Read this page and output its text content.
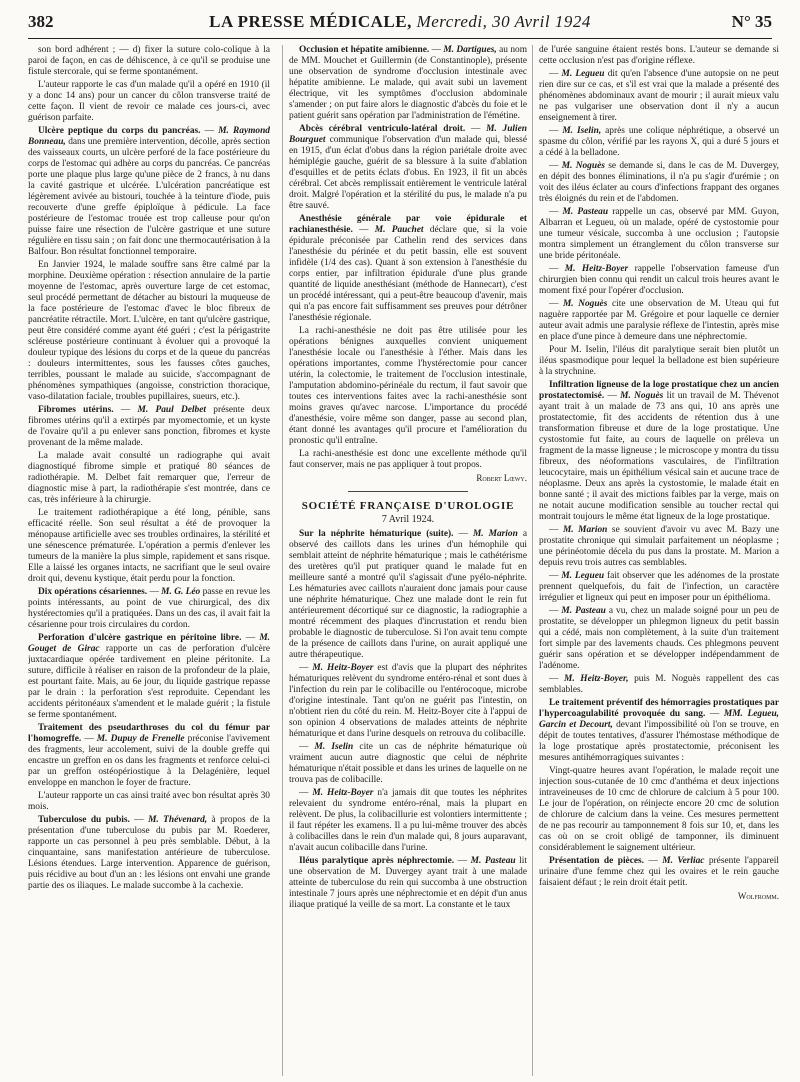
382	LA PRESSE MÉDICALE, Mercredi, 30 Avril 1924	N° 35

son bord adhérent ; — d) fixer la suture colo-colique à la paroi de façon, en cas de déhiscence, à ce qu'il se produise une fistule stercorale, qui se ferme spontanément.

L'auteur rapporte le cas d'un malade qu'il a opéré en 1910 (il y a donc 14 ans) pour un cancer du côlon transverse traité de cette façon. Il vient de revoir ce malade ces jours-ci, avec guérison parfaite.

Ulcère peptique du corps du pancréas. — M. Raymond Bonneau, dans une première intervention, décolle, après section des vaisseaux courts, un ulcère perforé de la face postérieure du corps de l'estomac qui adhère au corps du pancréas. Ce pancréas porte une plaque plus large qu'une pièce de 2 francs, à nu dans la cavité gastrique et ulcérée. L'ulcération pancréatique est légèrement avivée au bistouri, touchée à la teinture d'iode, puis recouverte d'une greffe épiploïque à pédicule. La face postérieure de l'estomac trouée est trop calleuse pour qu'on puisse faire une résection de l'ulcère gastrique et une suture régulière en tissu sain ; on fait donc une thermocautérisation à la Balfour. Bon résultat fonctionnel temporaire.

En Janvier 1924, le malade souffre sans être calmé par la morphine. Deuxième opération : résection annulaire de la partie moyenne de l'estomac, après ouverture large de cet estomac, seul procédé permettant de détacher au bistouri la muqueuse de la face postérieure de l'estomac d'avec le bloc fibreux de pancréatite rétractile. Mort. L'ulcère, en tant qu'ulcère gastrique, peut être considéré comme ayant été guéri ; c'est la périgastrite scléreuse postérieure continuant à évoluer qui a provoqué la douleur typique des lésions du corps et de la queue du pancréas : douleurs intermittentes, sous les fausses côtes gauches, terribles, poussant le malade au suicide, s'accompagnant de phénomènes sympathiques (angoisse, constriction thoracique, vaso-dilatation faciale, troubles pupillaires, sueurs, etc.).

Fibromes utérins. — M. Paul Delbet présente deux fibromes utérins qu'il a extirpés par myomectomie, et un kyste de l'ovaire qu'il a pu enlever sans ponction, fibromes et kyste provenant de la même malade.

La malade avait consulté un radiographe qui avait diagnostiqué fibrome simple et pratiqué 80 séances de radiothérapie. M. Delbet fait remarquer que, l'erreur de diagnostic mise à part, la radiothérapie s'est montrée, dans ce cas, très inférieure à la chirurgie.

Le traitement radiothérapique a été long, pénible, sans efficacité réelle. Son seul résultat a été de provoquer la ménopause artificielle avec ses troubles ordinaires, la stérilité et une sénescence prématurée. L'opération a permis d'enlever les tumeurs de la manière la plus simple, rapidement et sans risque. Elle a laissé les organes intacts, ne sacrifiant que le seul ovaire droit qui, devenu kystique, était perdu pour la fonction.

Dix opérations césariennes. — M. G. Léo passe en revue les points intéressants, au point de vue chirurgical, des dix hystérectomies qu'il a pratiquées. Dans un des cas, il avait fait la césarienne pour trois circulaires du cordon.

Perforation d'ulcère gastrique en péritoine libre. — M. Gouget de Girac rapporte un cas de perforation d'ulcère juxtacardiaque opérée tardivement en pleine péritonite. La suture, difficile à réaliser en raison de la profondeur de la plaie, est pourtant faite. Mais, au 6e jour, du liquide gastrique repasse par le drain : la perforation s'est reproduite. Cependant les accidents péritonéaux s'amendent et le malade guérit ; la fistule se ferme spontanément.

Traitement des pseudarthroses du col du fémur par l'homogreffe. — M. Dupuy de Frenelle préconise l'avivement des fragments, leur accolement, suivi de la double greffe qui encastre un greffon en os dans les fragments et renforce celui-ci par un greffon ostéopériostique à la Delagénière, lequel enveloppe en manchon le foyer de fracture.

L'auteur rapporte un cas ainsi traité avec bon résultat après 30 mois.

Tuberculose du pubis. — M. Thévenard, à propos de la présentation d'une tuberculose du pubis par M. Roederer, rapporte un cas personnel à peu près semblable. Début, à la cinquantaine, sans manifestation antérieure de tuberculose. Lésions étendues. Large intervention. Apparence de guérison, puis récidive au bout d'un an : les lésions ont envahi une grande partie des os iliaques. Le malade succombe à la cachexie.

Occlusion et hépatite amibienne. — M. Dartigues, au nom de MM. Mouchet et Guillermin (de Constantinople), présente une observation de syndrome d'occlusion intestinale avec hépatite amibienne. Le malade, qui avait subi un lavement électrique, vit les symptômes d'occlusion abdominale s'amender ; on put faire alors le diagnostic d'abcès du foie et le patient guérit sans opération par l'administration de l'émétine.

Abcès cérébral ventriculo-latéral droit. — M. Julien Bourguet communique l'observation d'un malade qui, blessé en 1915, d'un éclat d'obus dans la région pariétale droite avec hémiplégie gauche, guérit de sa blessure à la suite d'ablation d'esquilles et de petits éclats d'obus. En 1923, il fit un abcès cérébral. Cet abcès remplissait entièrement le ventricule latéral droit. Malgré l'opération et la stérilité du pus, le malade n'a pu être sauvé.

Anesthésie générale par voie épidurale et rachianesthésie. — M. Pauchet déclare que, si la voie épidurale préconisée par Cathelin rend des services dans l'anesthésie du périnée et du petit bassin, elle est souvent infidèle (1/4 des cas). Quant à son extension à l'anesthésie du corps entier, par infiltration épidurale d'une plus grande quantité de liquide anesthésiant (méthode de Hannecart), c'est un procédé intéressant, qui a peut-être beaucoup d'avenir, mais qui n'a pas encore fait suffisamment ses preuves pour détrôner l'anesthésie régionale.

La rachi-anesthésie ne doit pas être utilisée pour les opérations bénignes auxquelles convient uniquement l'anesthésie locale ou l'anesthésie à l'éther. Mais dans les opérations importantes, comme l'hystérectomie pour cancer utérin, la colectomie, le traitement de l'occlusion intestinale, l'amputation abdomino-périnéale du rectum, il faut savoir que toutes ces interventions faites avec la rachi-anesthésie sont moins graves qu'avec narcose. L'importance du procédé d'anesthésie, voire même son danger, passe au second plan, étant donné les avantages qu'il procure et l'amélioration du pronostic qu'il entraîne.

La rachi-anesthésie est donc une excellente méthode qu'il faut conserver, mais ne pas appliquer à tout propos.

Robert Lœwy.
SOCIÉTÉ FRANÇAISE D'UROLOGIE
7 Avril 1924.

Sur la néphrite hématurique (suite). — M. Marion a observé des caillots dans les urines d'un hémophile qui semblait atteint de néphrite hématurique ; mais le cathétérisme des uretères qu'il put pratiquer quand le malade fut en meilleure santé a montré qu'il s'agissait d'une pyélo-néphrite. Les hématuries avec caillots n'auraient donc jamais pour cause une néphrite hématurique. Chez une malade dont le rein fut antérieurement décortiqué sur ce diagnostic, la radiographie a montré récemment des plaques d'incrustation et rendu bien probable le diagnostic de tuberculose. Si l'on avait tenu compte de la présence de caillots dans l'urine, on aurait appliqué une autre thérapeutique.

— M. Heitz-Boyer est d'avis que la plupart des néphrites hématuriques relèvent du syndrome entéro-rénal et sont dues à l'infection du rein par le colibacille ou l'entérocoque, microbe d'origine intestinale. Tant qu'on ne guérit pas l'intestin, on n'obtient rien du côté du rein. M. Heitz-Boyer cite à l'appui de son opinion 4 observations de malades atteints de néphrite hématurique et dans l'urine desquels on retrouva du colibacille.

— M. Iselin cite un cas de néphrite hématurique où vraiment aucun autre diagnostic que celui de néphrite hématurique n'était possible et dans les urines de laquelle on ne trouva pas de colibacille.

— M. Heitz-Boyer n'a jamais dit que toutes les néphrites relevaient du syndrome entéro-rénal, mais la plupart en relèvent. De plus, la colibacillurie est volontiers intermittente ; il faut répéter les examens. Il a pu lui-même trouver des abcès à colibacilles dans le rein d'un malade qui, 8 jours auparavant, n'avait aucun colibacille dans l'urine.

Iléus paralytique après néphrectomie. — M. Pasteau lit une observation de M. Duvergey ayant trait à une malade atteinte de tuberculose du rein qui succomba à une obstruction intestinale 7 jours après une néphrectomie et en dépit d'un anus iliaque pratiqué la veille de sa mort. La constante et le taux

de l'urée sanguine étaient restés bons. L'auteur se demande si cette occlusion n'est pas d'origine réflexe.

— M. Legueu dit qu'en l'absence d'une autopsie on ne peut rien dire sur ce cas, et s'il est vrai que la malade a présenté des phénomènes abdominaux avant de mourir ; il aurait mieux valu ne pas vulgariser une observation dont il n'y a aucun enseignement à tirer.

— M. Iselin, après une colique néphrétique, a observé un spasme du côlon, vérifié par les rayons X, qui a duré 5 jours et a cédé à la belladone.

— M. Noguès se demande si, dans le cas de M. Duvergey, en dépit des bonnes éliminations, il n'a pu s'agir d'urémie ; on voit des iléus éclater au cours d'infections frappant des organes très éloignés du rein et de l'abdomen.

— M. Pasteau rappelle un cas, observé par MM. Guyon, Albarran et Legueu, où un malade, opéré de cystostomie pour une tumeur vésicale, succomba à une occlusion ; l'autopsie montra simplement un étranglement du côlon transverse sur une bride péritonéale.

— M. Heitz-Boyer rappelle l'observation fameuse d'un chirurgien bien connu qui rendit un calcul trois heures avant le moment fixé pour l'opérer d'occlusion.

— M. Noguès cite une observation de M. Uteau qui fut naguère rapportée par M. Grégoire et pour laquelle ce dernier auteur avait admis une paralysie réflexe de l'intestin, après mise en place d'une pince à demeure dans une néphrectomie.

Pour M. Iselin, l'iléus dit paralytique serait bien plutôt un iléus spasmodique pour lequel la belladone est bien supérieure à la strychnine.

Infiltration ligneuse de la loge prostatique chez un ancien prostatectomisé. — M. Noguès lit un travail de M. Thévenot ayant trait à un malade de 73 ans qui, 10 ans après une prostatectomie, fit des accidents de rétention dus à une transformation fibreuse et dure de la loge prostatique. Une cystostomie fut faite, au cours de laquelle on préleva un fragment de la masse ligneuse ; le microscope y montra du tissu fibreux, des néoformations vasculaires, de l'infiltration leucocytaire, mais un épithélium vésical sain et aucune trace de néoplasme. Deux ans après la cystostomie, le malade était en bonne santé ; il avait des mictions faibles par la verge, mais on ne notait aucune modification sensible au toucher rectal qui montrait toujours le même état ligneux de la loge prostatique.

— M. Marion se souvient d'avoir vu avec M. Bazy une prostatite chronique qui simulait parfaitement un néoplasme ; une périnéotomie décela du pus dans la prostate. M. Marion a depuis revu trois autres cas semblables.

— M. Legueu fait observer que les adénomes de la prostate prennent quelquefois, du fait de l'infection, un caractère irrégulier et ligneux qui peut en imposer pour un épithélioma.

— M. Pasteau a vu, chez un malade soigné pour un peu de prostatite, se développer un phlegmon ligneux du petit bassin qui a cédé, mais non complètement, à la suite d'un traitement fort simple par des lavements chauds. Ces phlegmons peuvent guérir sans opération et se développer indépendamment de l'adénome.

— M. Heitz-Boyer, puis M. Noguès rappellent des cas semblables.

Le traitement préventif des hémorragies prostatiques par l'hypercoagulabilité provoquée du sang. — MM. Legueu, Garcin et Decourt, devant l'impossibilité où l'on se trouve, en dépit de toutes tentatives, d'assurer l'hémostase méthodique de la loge prostatique après prostatectomie, préconisent les mesures antihémorragiques suivantes :

Vingt-quatre heures avant l'opération, le malade reçoit une injection sous-cutanée de 10 cmc d'anthéma et deux injections intraveineuses de 10 cmc de chlorure de calcium à 5 pour 100. Le jour de l'opération, on réinjecte encore 20 cmc de solution de chlorure de calcium dans la veine. Ces mesures permettent de ne pas recourir au tamponnement 8 fois sur 10, et, dans les cas où on se croit obligé de tamponner, ils diminuent considérablement le saignement ultérieur.

Présentation de pièces. — M. Verliac présente l'appareil urinaire d'une femme chez qui les ovaires et le rein gauche faisaient défaut ; le rein droit était petit.

Wolfromm.
